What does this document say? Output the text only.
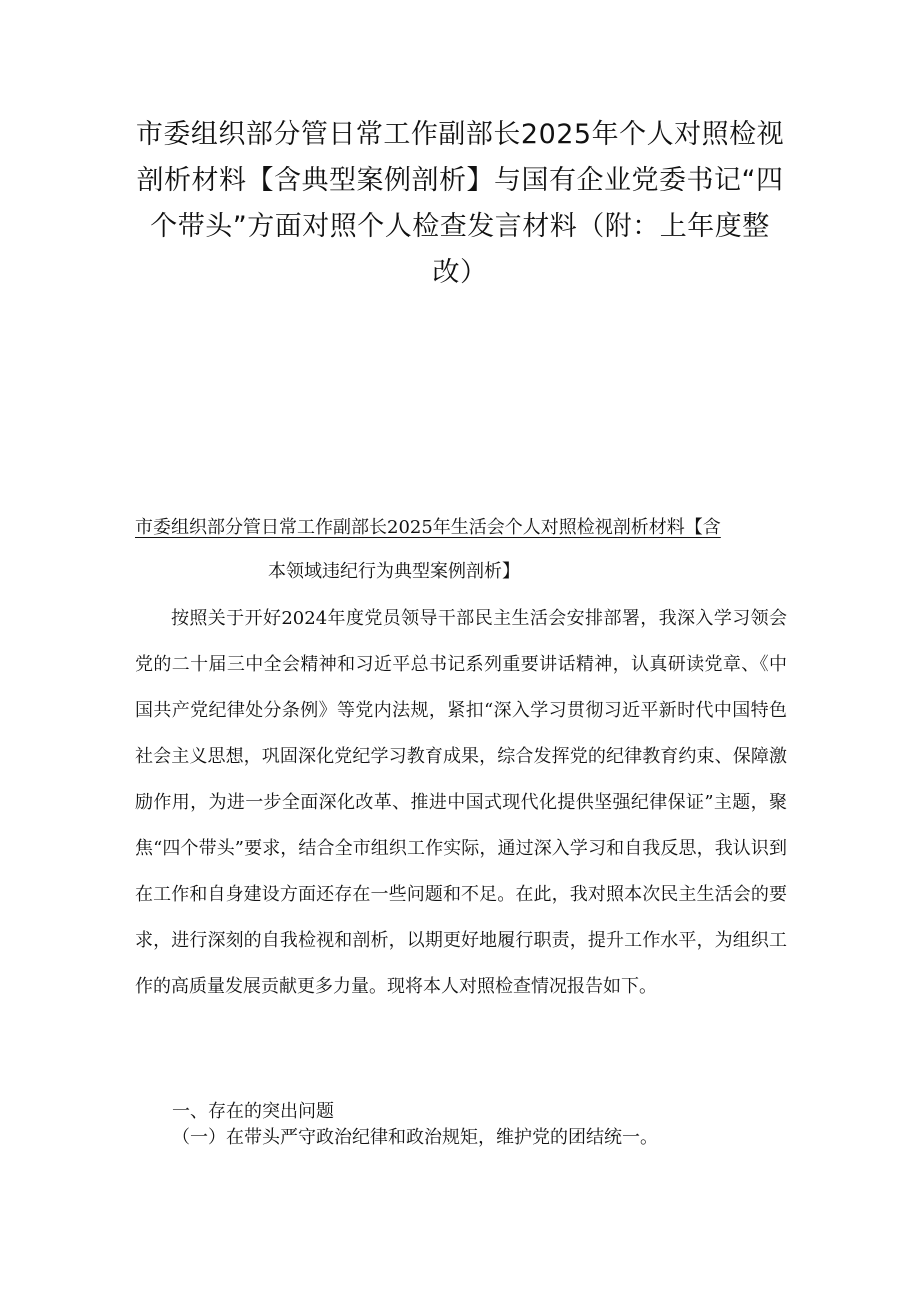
市委组织部分管日常工作副部长2025年个人对照检视剖析材料【含典型案例剖析】与国有企业党委书记“四个带头”方面对照个人检查发言材料（附：上年度整改）
市委组织部分管日常工作副部长2025年生活会个人对照检视剖析材料【含
本领域违纪行为典型案例剖析】

按照关于开好2024年度党员领导干部民主生活会安排部署，我深入学习领会党的二十届三中全会精神和习近平总书记系列重要讲话精神，认真研读党章、《中国共产党纪律处分条例》等党内法规，紧扣“深入学习贯彻习近平新时代中国特色社会主义思想，巩固深化党纪学习教育成果，综合发挥党的纪律教育约束、保障激励作用，为进一步全面深化改革、推进中国式现代化提供坚强纪律保证”主题，聚焦“四个带头”要求，结合全市组织工作实际，通过深入学习和自我反思，我认识到在工作和自身建设方面还存在一些问题和不足。在此，我对照本次民主生活会的要求，进行深刻的自我检视和剖析，以期更好地履行职责，提升工作水平，为组织工作的高质量发展贡献更多力量。现将本人对照检查情况报告如下。

一、存在的突出问题

（一）在带头严守政治纪律和政治规矩，维护党的团结统一。
